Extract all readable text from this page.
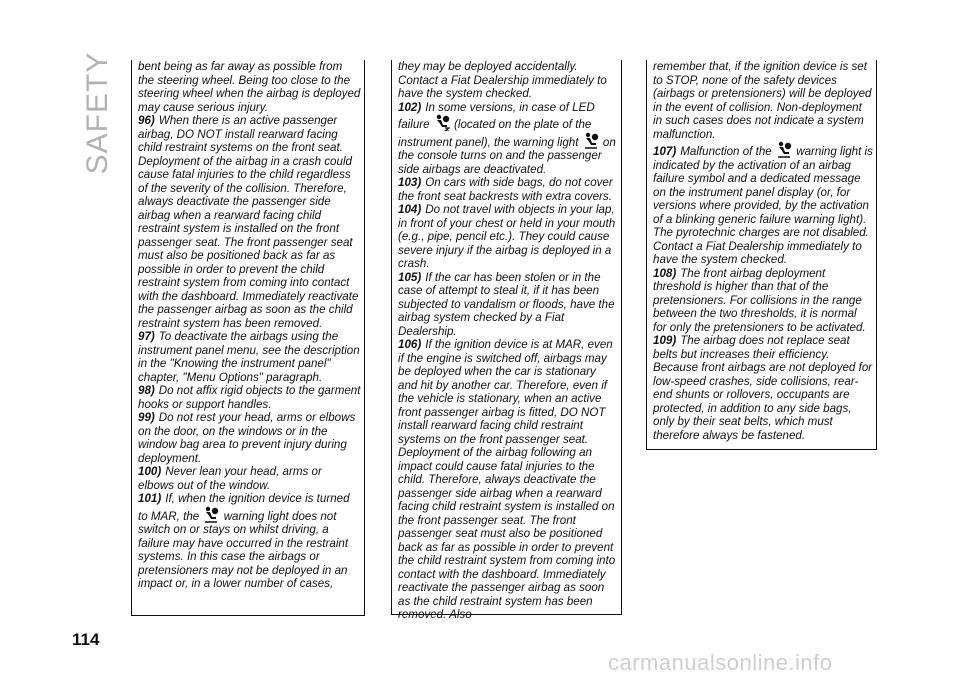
SAFETY bent being as far away as possible from the steering wheel. Being too close to the steering wheel when the airbag is deployed may cause serious injury.

96) When there is an active passenger airbag, DO NOT install rearward facing child restraint systems on the front seat. Deployment of the airbag in a crash could cause fatal injuries to the child regardless of the severity of the collision. Therefore, always deactivate the passenger side airbag when a rearward facing child restraint system is installed on the front passenger seat. The front passenger seat must also be positioned back as far as possible in order to prevent the child restraint system from coming into contact with the dashboard. Immediately reactivate the passenger airbag as soon as the child restraint system has been removed.

97) To deactivate the airbags using the instrument panel menu, see the description in the "Knowing the instrument panel" chapter, "Menu Options" paragraph.

98) Do not affix rigid objects to the garment hooks or support handles.

99) Do not rest your head, arms or elbows on the door, on the windows or in the window bag area to prevent injury during deployment.

100) Never lean your head, arms or elbows out of the window.

101) If, when the ignition device is turned to MAR, the warning light does not switch on or stays on whilst driving, a failure may have occurred in the restraint systems. In this case the airbags or pretensioners may not be deployed in an impact or, in a lower number of cases,

they may be deployed accidentally. Contact a Fiat Dealership immediately to have the system checked.

102) In some versions, in case of LED failure (located on the plate of the instrument panel), the warning light on the console turns on and the passenger side airbags are deactivated.

103) On cars with side bags, do not cover the front seat backrests with extra covers.

104) Do not travel with objects in your lap, in front of your chest or held in your mouth (e.g., pipe, pencil etc.). They could cause severe injury if the airbag is deployed in a crash.

105) If the car has been stolen or in the case of attempt to steal it, if it has been subjected to vandalism or floods, have the airbag system checked by a Fiat Dealership.

106) If the ignition device is at MAR, even if the engine is switched off, airbags may be deployed when the car is stationary and hit by another car. Therefore, even if the vehicle is stationary, when an active front passenger airbag is fitted, DO NOT install rearward facing child restraint systems on the front passenger seat. Deployment of the airbag following an impact could cause fatal injuries to the child. Therefore, always deactivate the passenger side airbag when a rearward facing child restraint system is installed on the front passenger seat. The front passenger seat must also be positioned back as far as possible in order to prevent the child restraint system from coming into contact with the dashboard. Immediately reactivate the passenger airbag as soon as the child restraint system has been removed. Also

remember that, if the ignition device is set to STOP, none of the safety devices (airbags or pretensioners) will be deployed in the event of collision. Non-deployment in such cases does not indicate a system malfunction.

107) Malfunction of the warning light is indicated by the activation of an airbag failure symbol and a dedicated message on the instrument panel display (or, for versions where provided, by the activation of a blinking generic failure warning light). The pyrotechnic charges are not disabled. Contact a Fiat Dealership immediately to have the system checked.

108) The front airbag deployment threshold is higher than that of the pretensioners. For collisions in the range between the two thresholds, it is normal for only the pretensioners to be activated.

109) The airbag does not replace seat belts but increases their efficiency. Because front airbags are not deployed for low-speed crashes, side collisions, rear-end shunts or rollovers, occupants are protected, in addition to any side bags, only by their seat belts, which must therefore always be fastened.

114
carmanualsonline.info
